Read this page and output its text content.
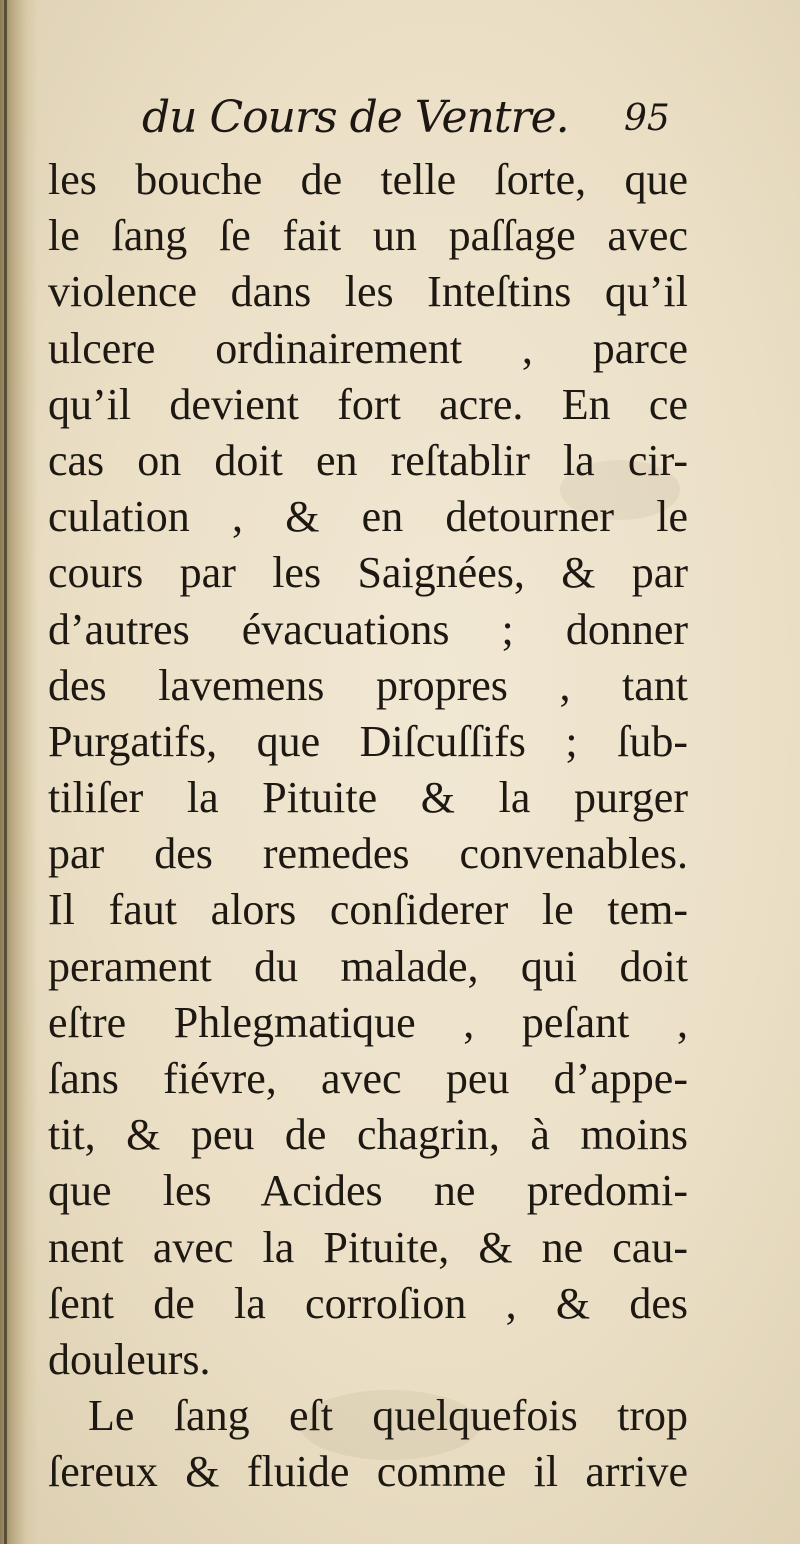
du Cours de Ventre. 95
les bouche de telle ſorte, que
le ſang ſe fait un paſſage avec
violence dans les Inteſtins qu’il
ulcere ordinairement , parce
qu’il devient fort acre. En ce
cas on doit en reſtablir la cir-
culation , & en detourner le
cours par les Saignées, & par
d’autres évacuations ; donner
des lavemens propres , tant
Purgatifs, que Diſcuſſifs ; ſub-
tiliſer la Pituite & la purger
par des remedes convenables.
Il faut alors conſiderer le tem-
perament du malade, qui doit
eſtre Phlegmatique , peſant ,
ſans fiévre, avec peu d’appe-
tit, & peu de chagrin, à moins
que les Acides ne predomi-
nent avec la Pituite, & ne cau-
ſent de la corroſion , & des
douleurs.
Le ſang eſt quelquefois trop
ſereux & fluide comme il arrive
